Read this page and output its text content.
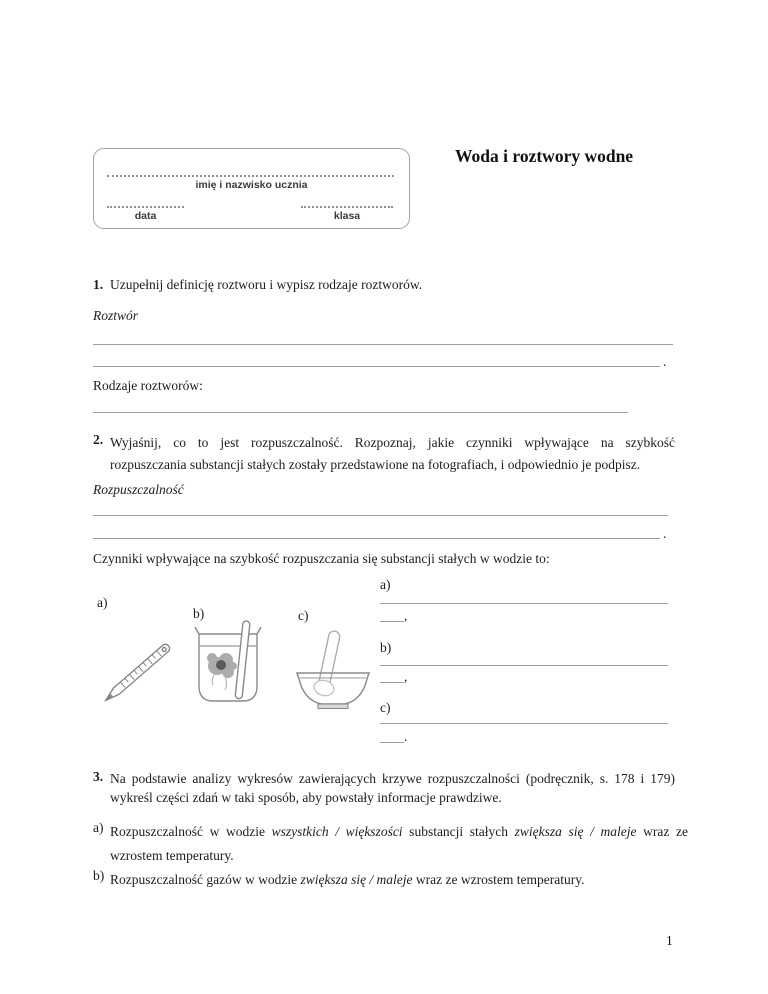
imię i nazwisko ucznia
data	klasa
Woda i roztwory wodne
1. Uzupełnij definicję roztworu i wypisz rodzaje roztworów.
Roztwór
.
Rodzaje roztworów:
2. Wyjaśnij, co to jest rozpuszczalność. Rozpoznaj, jakie czynniki wpływające na szybkość
rozpuszczania substancji stałych zostały przedstawione na fotografiach, i odpowiednio je podpisz.
Rozpuszczalność
.
Czynniki wpływające na szybkość rozpuszczania się substancji stałych w wodzie to:
a)
b)	c)
a)
,
b)
,
c)
.
3. Na podstawie analizy wykresów zawierających krzywe rozpuszczalności (podręcznik, s. 178 i 179)
wykreśl części zdań w taki sposób, aby powstały informacje prawdziwe.
a) Rozpuszczalność w wodzie wszystkich / większości substancji stałych zwiększa się / maleje wraz ze wzrostem temperatury.
b) Rozpuszczalność gazów w wodzie zwiększa się / maleje wraz ze wzrostem temperatury.
1
